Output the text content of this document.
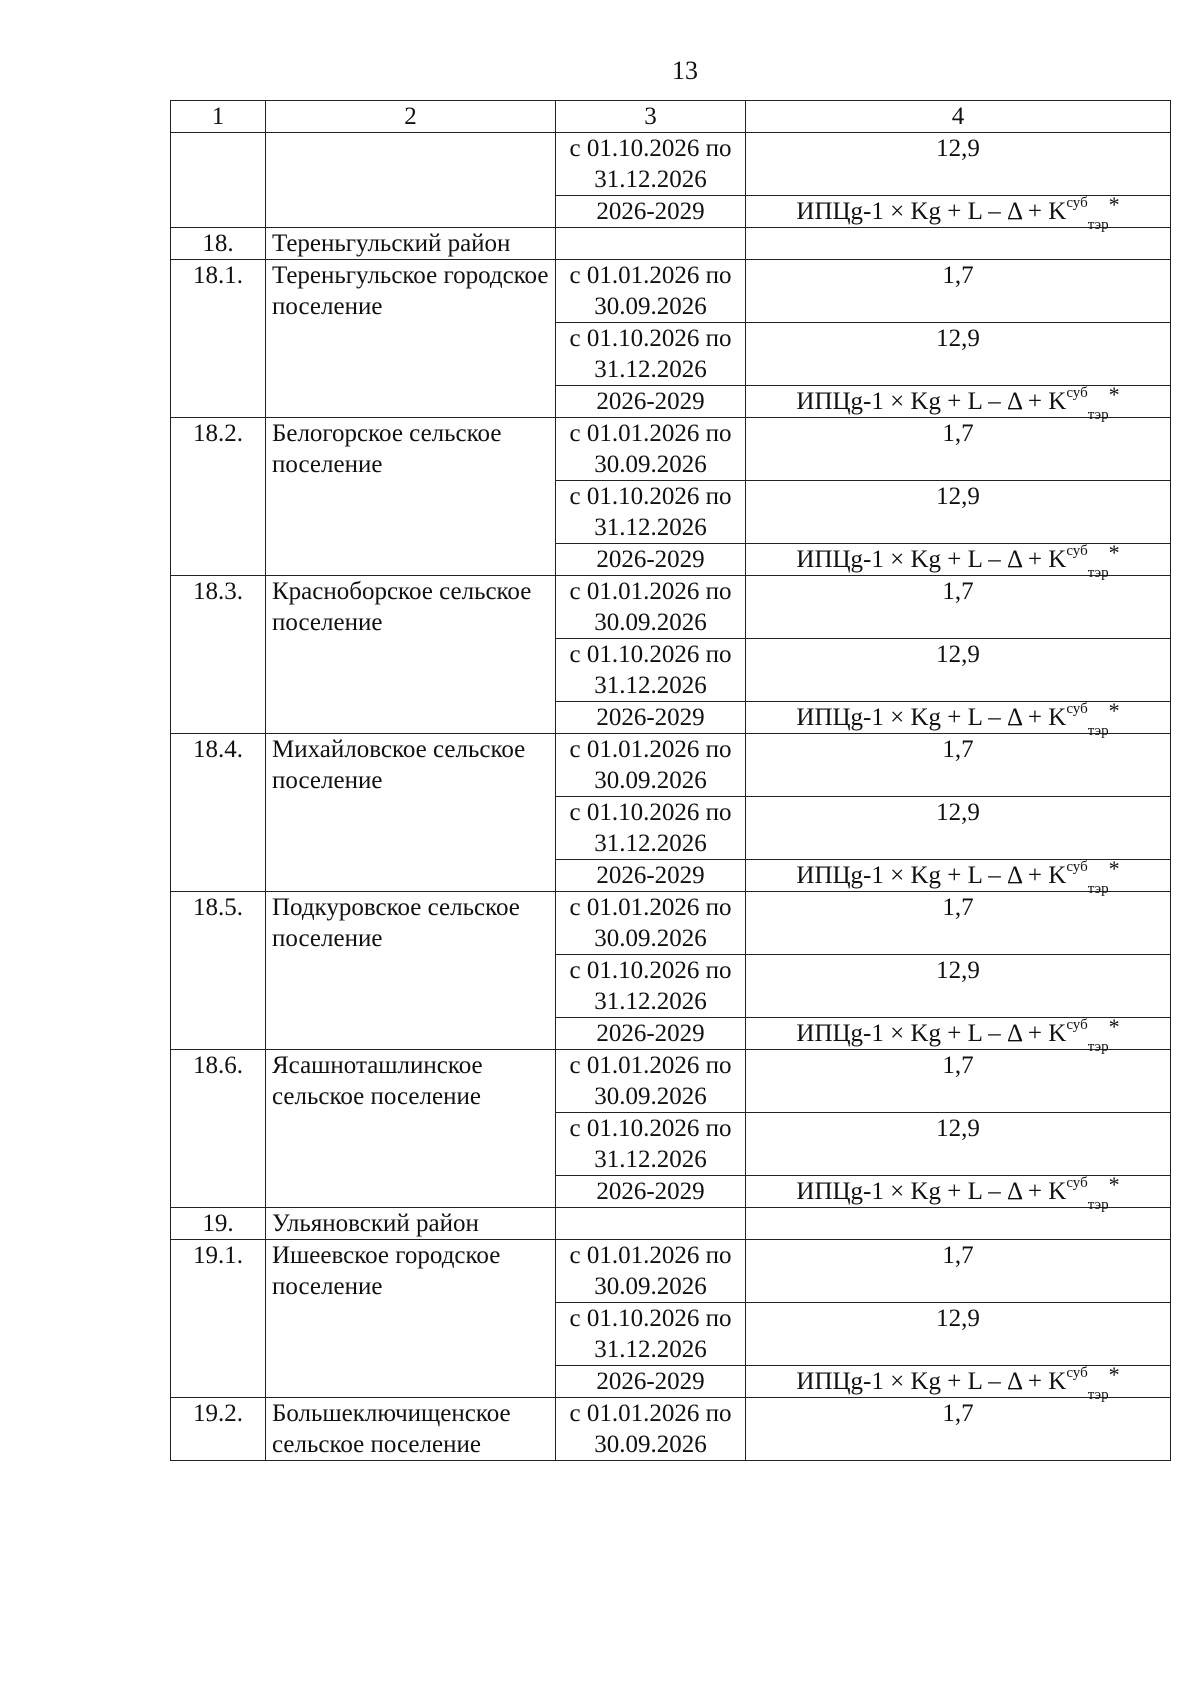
13
1	2	3	4
		с 01.10.2026 по 31.12.2026	12,9
		2026-2029	ИПЦg-1 × $Kg + L - \Delta + K^{суб}_{тэр}*$
18.	Тереньгульский район		
18.1.	Тереньгульское городское поселение	с 01.01.2026 по 30.09.2026	1,7
		с 01.10.2026 по 31.12.2026	12,9
		2026-2029	ИПЦg-1 × $Kg + L - \Delta + K^{суб}_{тэр}*$
18.2.	Белогорское сельское поселение	с 01.01.2026 по 30.09.2026	1,7
		с 01.10.2026 по 31.12.2026	12,9
		2026-2029	ИПЦg-1 × $Kg + L - \Delta + K^{суб}_{тэр}*$
18.3.	Красноборское сельское поселение	с 01.01.2026 по 30.09.2026	1,7
		с 01.10.2026 по 31.12.2026	12,9
		2026-2029	ИПЦg-1 × $Kg + L - \Delta + K^{суб}_{тэр}*$
18.4.	Михайловское сельское поселение	с 01.01.2026 по 30.09.2026	1,7
		с 01.10.2026 по 31.12.2026	12,9
		2026-2029	ИПЦg-1 × $Kg + L - \Delta + K^{суб}_{тэр}*$
18.5.	Подкуровское сельское поселение	с 01.01.2026 по 30.09.2026	1,7
		с 01.10.2026 по 31.12.2026	12,9
		2026-2029	ИПЦg-1 × $Kg + L - \Delta + K^{суб}_{тэр}*$
18.6.	Ясашноташлинское сельское поселение	с 01.01.2026 по 30.09.2026	1,7
		с 01.10.2026 по 31.12.2026	12,9
		2026-2029	ИПЦg-1 × $Kg + L - \Delta + K^{суб}_{тэр}*$
19.	Ульяновский район		
19.1.	Ишеевское городское поселение	с 01.01.2026 по 30.09.2026	1,7
		с 01.10.2026 по 31.12.2026	12,9
		2026-2029	ИПЦg-1 × $Kg + L - \Delta + K^{суб}_{тэр}*$
19.2.	Большеключищенское сельское поселение	с 01.01.2026 по 30.09.2026	1,7
